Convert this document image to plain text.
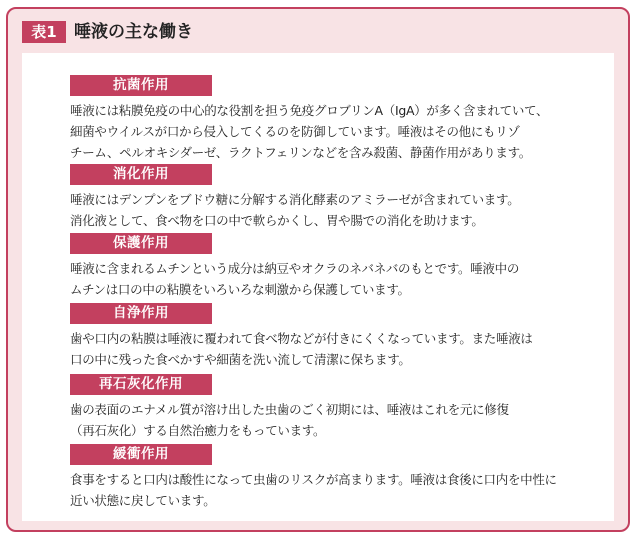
表1	唾液の主な働き
抗菌作用
唾液には粘膜免疫の中心的な役割を担う免疫グロブリンA（IgA）が多く含まれていて、
細菌やウイルスが口から侵入してくるのを防御しています。唾液はその他にもリゾ
チーム、ペルオキシダーゼ、ラクトフェリンなどを含み殺菌、静菌作用があります。
消化作用
唾液にはデンプンをブドウ糖に分解する消化酵素のアミラーゼが含まれています。
消化液として、食べ物を口の中で軟らかくし、胃や腸での消化を助けます。
保護作用
唾液に含まれるムチンという成分は納豆やオクラのネバネバのもとです。唾液中の
ムチンは口の中の粘膜をいろいろな刺激から保護しています。
自浄作用
歯や口内の粘膜は唾液に覆われて食べ物などが付きにくくなっています。また唾液は
口の中に残った食べかすや細菌を洗い流して清潔に保ちます。
再石灰化作用
歯の表面のエナメル質が溶け出した虫歯のごく初期には、唾液はこれを元に修復
（再石灰化）する自然治癒力をもっています。
緩衝作用
食事をすると口内は酸性になって虫歯のリスクが高まります。唾液は食後に口内を中性に
近い状態に戻しています。
